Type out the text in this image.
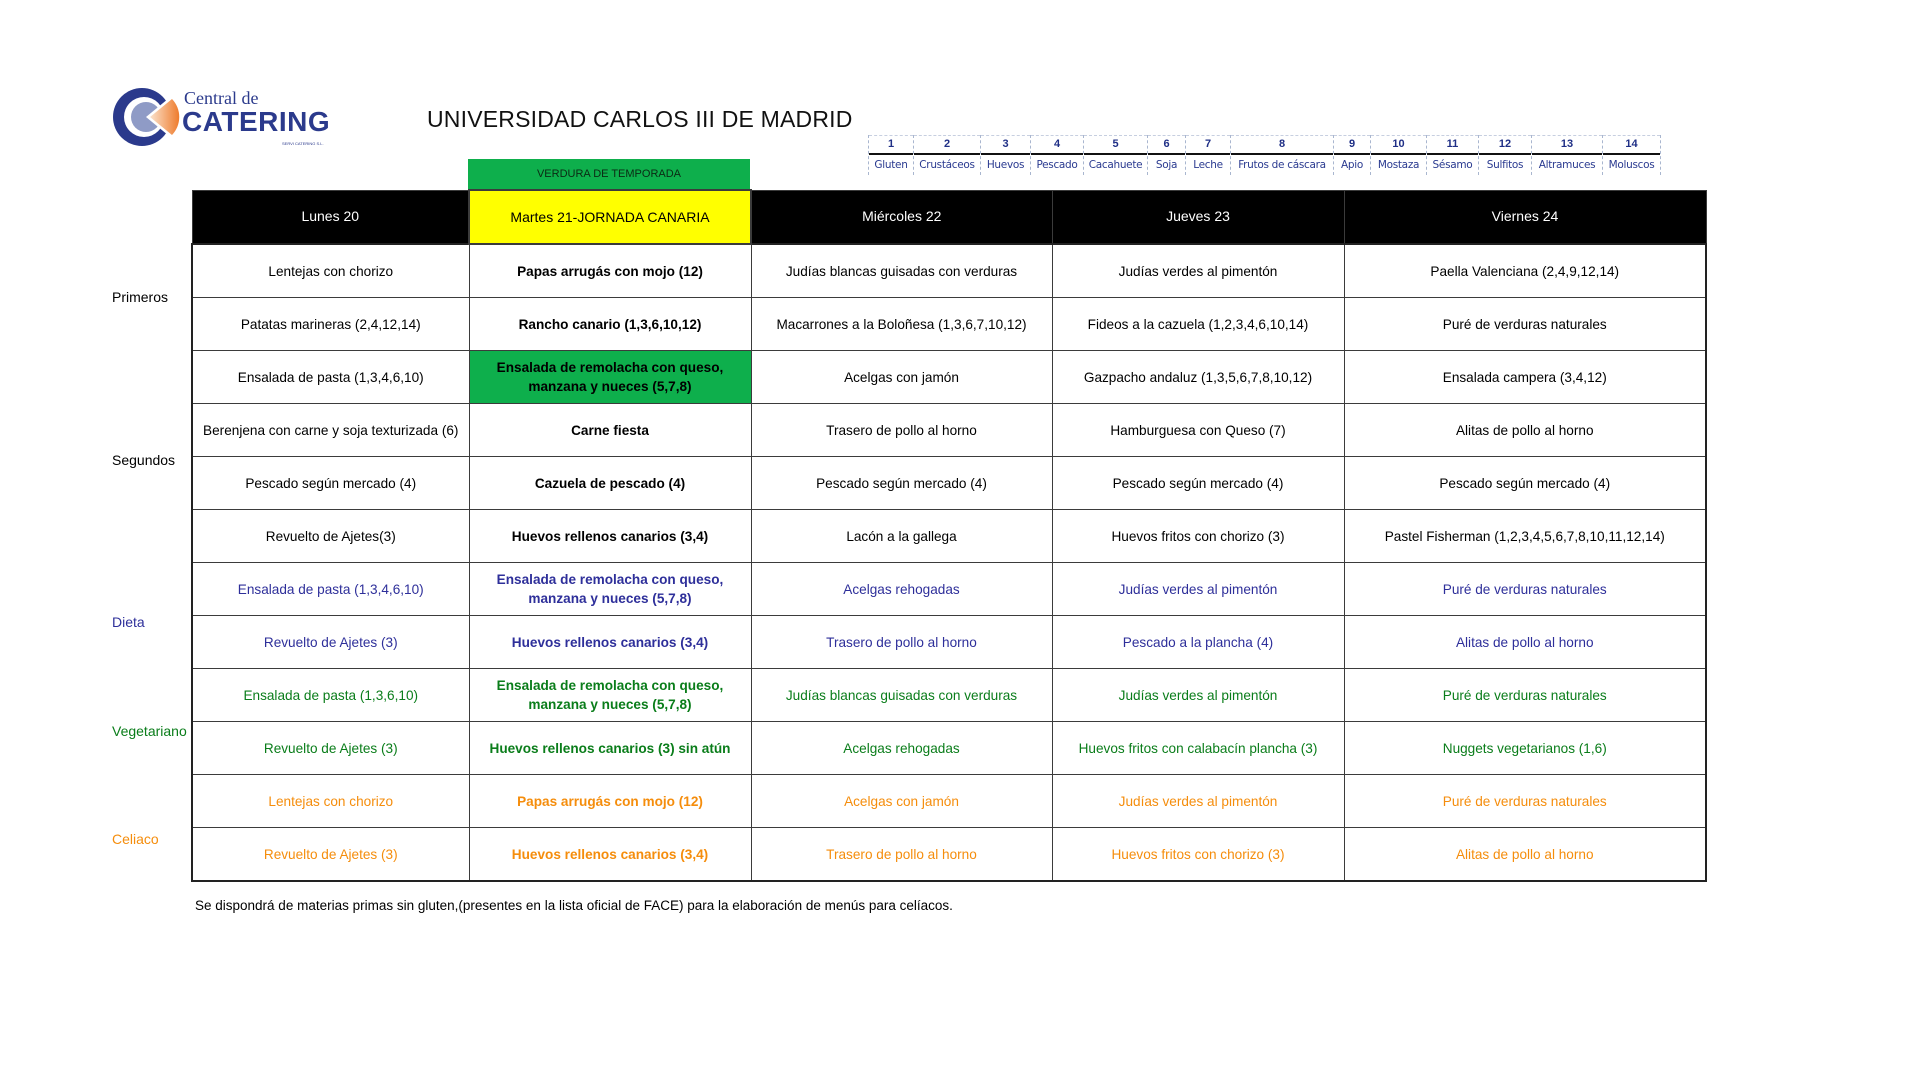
Central de
CATERING
SERVI CATERING S.L.
UNIVERSIDAD CARLOS III DE MADRID
1
Gluten
2
Crustáceos
3
Huevos
4
Pescado
5
Cacahuete
6
Soja
7
Leche
8
Frutos de cáscara
9
Apio
10
Mostaza
11
Sésamo
12
Sulfitos
13
Altramuces
14
Moluscos
VERDURA DE TEMPORADA
Primeros
Segundos
Dieta
Vegetariano
Celiaco
Lunes 20	Martes 21-JORNADA CANARIA	Miércoles 22	Jueves 23	Viernes 24
Lentejas con chorizo	Papas arrugás con mojo (12)	Judías blancas guisadas con verduras	Judías verdes al pimentón	Paella Valenciana (2,4,9,12,14)
Patatas marineras (2,4,12,14)	Rancho canario (1,3,6,10,12)	Macarrones a la Boloñesa (1,3,6,7,10,12)	Fideos a la cazuela (1,2,3,4,6,10,14)	Puré de verduras naturales
Ensalada de pasta (1,3,4,6,10)	Ensalada de remolacha con queso, manzana y nueces (5,7,8)	Acelgas con jamón	Gazpacho andaluz (1,3,5,6,7,8,10,12)	Ensalada campera (3,4,12)
Berenjena con carne y soja texturizada (6)	Carne fiesta	Trasero de pollo al horno	Hamburguesa con Queso (7)	Alitas de pollo al horno
Pescado según mercado (4)	Cazuela de pescado (4)	Pescado según mercado (4)	Pescado según mercado (4)	Pescado según mercado (4)
Revuelto de Ajetes(3)	Huevos rellenos canarios (3,4)	Lacón a la gallega	Huevos fritos con chorizo (3)	Pastel Fisherman (1,2,3,4,5,6,7,8,10,11,12,14)
Ensalada de pasta (1,3,4,6,10)	Ensalada de remolacha con queso, manzana y nueces (5,7,8)	Acelgas rehogadas	Judías verdes al pimentón	Puré de verduras naturales
Revuelto de Ajetes (3)	Huevos rellenos canarios (3,4)	Trasero de pollo al horno	Pescado a la plancha (4)	Alitas de pollo al horno
Ensalada de pasta (1,3,6,10)	Ensalada de remolacha con queso, manzana y nueces (5,7,8)	Judías blancas guisadas con verduras	Judías verdes al pimentón	Puré de verduras naturales
Revuelto de Ajetes (3)	Huevos rellenos canarios (3) sin atún	Acelgas rehogadas	Huevos fritos con calabacín plancha (3)	Nuggets vegetarianos (1,6)
Lentejas con chorizo	Papas arrugás con mojo (12)	Acelgas con jamón	Judías verdes al pimentón	Puré de verduras naturales
Revuelto de Ajetes (3)	Huevos rellenos canarios (3,4)	Trasero de pollo al horno	Huevos fritos con chorizo (3)	Alitas de pollo al horno
Se dispondrá de materias primas sin gluten,(presentes en la lista oficial de FACE) para la elaboración de menús para celíacos.
